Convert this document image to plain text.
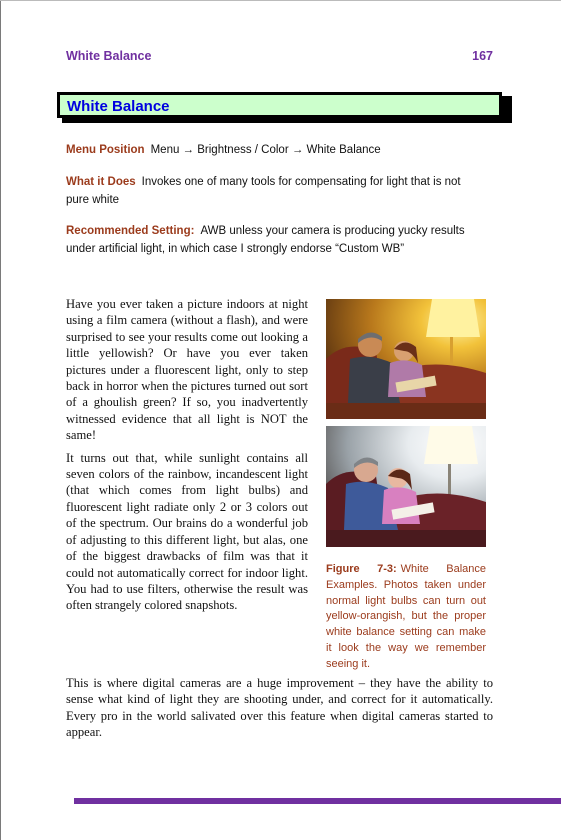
White Balance	167
White Balance
Menu Position Menu → Brightness / Color → White Balance
What it Does Invokes one of many tools for compensating for light that is not pure white
Recommended Setting: AWB unless your camera is producing yucky results under artificial light, in which case I strongly endorse “Custom WB”

Have you ever taken a picture indoors at night using a film camera (without a flash), and were surprised to see your results come out looking a little yellowish? Or have you ever taken pictures under a fluorescent light, only to step back in horror when the pictures turned out sort of a ghoulish green? If so, you inadvertently witnessed evidence that all light is NOT the same!

It turns out that, while sunlight contains all seven colors of the rainbow, incandescent light (that which comes from light bulbs) and fluorescent light radiate only 2 or 3 colors out of the spectrum. Our brains do a wonderful job of adjusting to this different light, but alas, one of the biggest drawbacks of film was that it could not automatically correct for indoor light. You had to use filters, otherwise the result was often strangely colored snapshots.

Figure 7-3: White Balance Examples. Photos taken under normal light bulbs can turn out yellow-orangish, but the proper white balance setting can make it look the way we remember seeing it.

This is where digital cameras are a huge improvement – they have the ability to sense what kind of light they are shooting under, and correct for it automatically. Every pro in the world salivated over this feature when digital cameras started to appear.
